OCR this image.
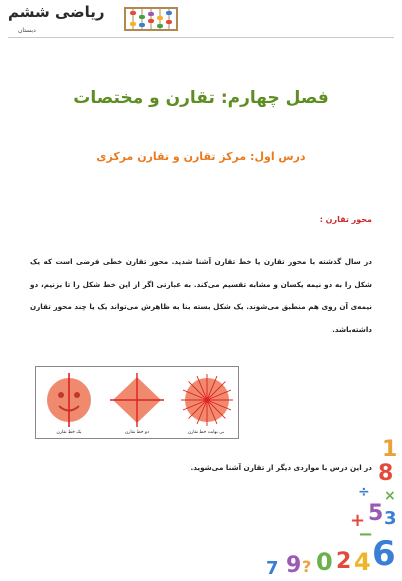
ریاضی ششم
دبستان
فصل چهارم: تقارن و مختصات
درس اول: مرکز تقارن و تقارن مرکزی
محور تقارن :
در سال گذشته با محور تقارن یا خط تقارن آشنا شدید. محور تقارن خطی فرضی است که یک شکل را به دو نیمه یکسان و مشابه تقسیم می‌کند. به عبارتی اگر از این خط شکل را تا بزنیم، دو نیمه‌ی آن روی هم منطبق می‌شوند. یک شکل بسته بنا به ظاهرش می‌تواند یک یا چند محور تقارن داشته‌باشد.
یک خط تقارن	دو خط تقارن	بی نهایت خط تقارن
در این درس با مواردی دیگر از تقارن آشنا می‌شوید.
1
8
÷ ×
5
+ 3
−
6
4
2
0
?
9
7
